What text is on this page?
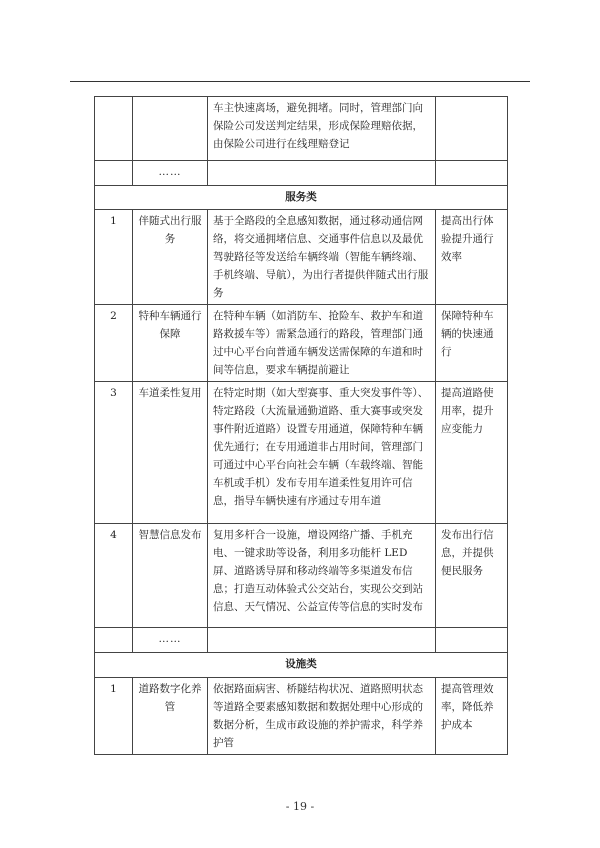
		车主快速离场，避免拥堵。同时，管理部门向保险公司发送判定结果，形成保险理赔依据，由保险公司进行在线理赔登记	
	……		
服务类			
1	伴随式出行服务	基于全路段的全息感知数据，通过移动通信网络，将交通拥堵信息、交通事件信息以及最优驾驶路径等发送给车辆终端（智能车辆终端、手机终端、导航），为出行者提供伴随式出行服务	提高出行体验提升通行效率
2	特种车辆通行保障	在特种车辆（如消防车、抢险车、救护车和道路救援车等）需紧急通行的路段，管理部门通过中心平台向普通车辆发送需保障的车道和时间等信息，要求车辆提前避让	保障特种车辆的快速通行
3	车道柔性复用	在特定时期（如大型赛事、重大突发事件等）、特定路段（大流量通勤道路、重大赛事或突发事件附近道路）设置专用通道，保障特种车辆优先通行；在专用通道非占用时间，管理部门可通过中心平台向社会车辆（车载终端、智能车机或手机）发布专用车道柔性复用许可信息，指导车辆快速有序通过专用车道	提高道路使用率，提升应变能力
4	智慧信息发布	复用多杆合一设施，增设网络广播、手机充电、一键求助等设备，利用多功能杆 LED 屏、道路诱导屏和移动终端等多渠道发布信息；打造互动体验式公交站台，实现公交到站信息、天气情况、公益宣传等信息的实时发布	发布出行信息，并提供便民服务
	……		
设施类			
1	道路数字化养管	依据路面病害、桥隧结构状况、道路照明状态等道路全要素感知数据和数据处理中心形成的数据分析，生成市政设施的养护需求，科学养护管	提高管理效率，降低养护成本
- 19 -
